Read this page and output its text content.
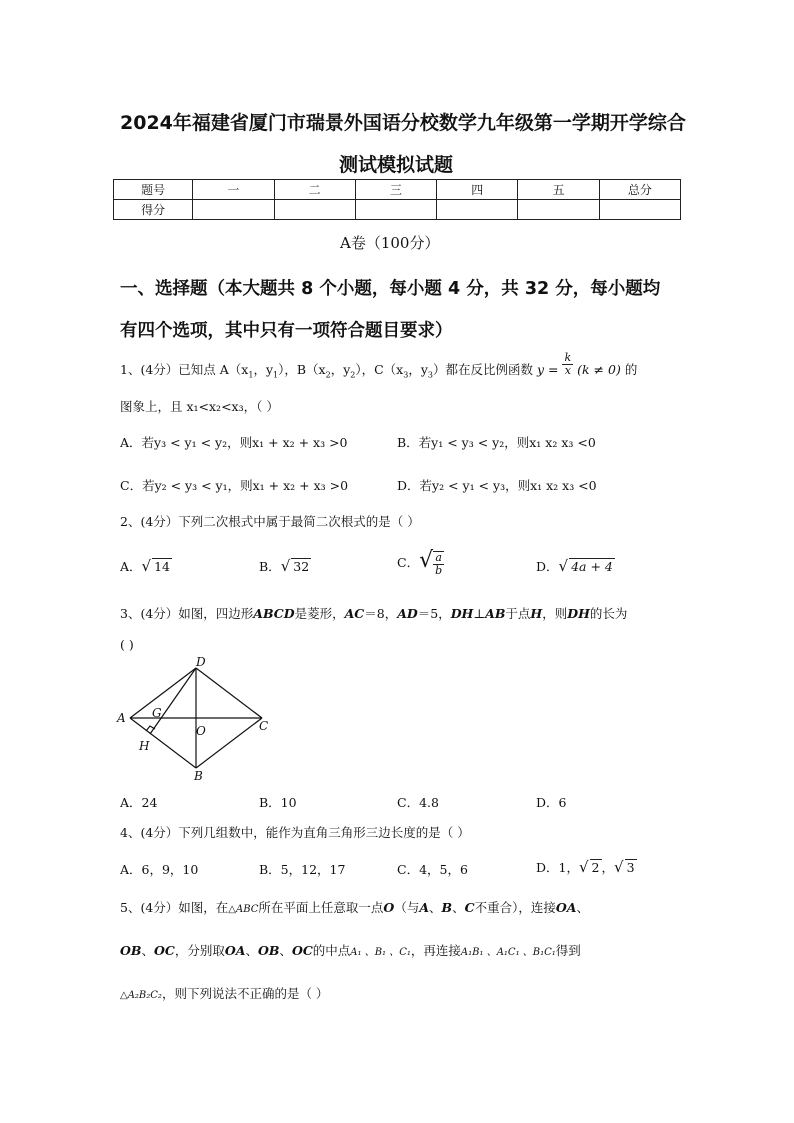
2024年福建省厦门市瑞景外国语分校数学九年级第一学期开学综合
测试模拟试题
题号	一	二	三	四	五	总分
得分						
A卷（100分）
一、选择题（本大题共 8 个小题，每小题 4 分，共 32 分，每小题均
有四个选项，其中只有一项符合题目要求）
1、(4分）已知点 $A(x_1$，$y_1$），$B(x_2$，$y_2$），$C(x_3$，$y_3$）都在反比例函数 $y = \frac{k}{x} (k \ne 0)$ 的
图象上，且 x₁<x₂<x₃，（ ）
A．若y₃ < y₁ < y₂，则x₁ + x₂ + x₃ >0	B．若y₁ < y₃ < y₂，则x₁ x₂ x₃ <0
C．若y₂ < y₃ < y₁，则x₁ + x₂ + x₃ >0	D．若y₂ < y₁ < y₃，则x₁ x₂ x₃ <0
2、(4分）下列二次根式中属于最简二次根式的是（ ）
A．√ 14	B．√ 32	C．√ $\frac{a}{b}$	D．√ 4a + 4
3、(4分）如图，四边形ABCD是菱形，AC＝8，AD＝5，DH⊥AB于点H，则DH的长为
( )
D
A G
O	C
H
B
A．24	B．10	C．4.8	D．6
4、(4分）下列几组数中，能作为直角三角形三边长度的是（ ）
A．6，9，10	B．5，12，17	C．4，5，6	D．1，√ 2 ，√ 3
5、(4分）如图，在△ABC所在平面上任意取一点O（与A、B、C不重合），连接OA、
OB、OC，分别取OA、OB、OC的中点A₁ 、B₁ 、C₁，再连接A₁B₁ 、A₁C₁ 、B₁C₁得到
△A₂B₂C₂，则下列说法不正确的是（ ）
